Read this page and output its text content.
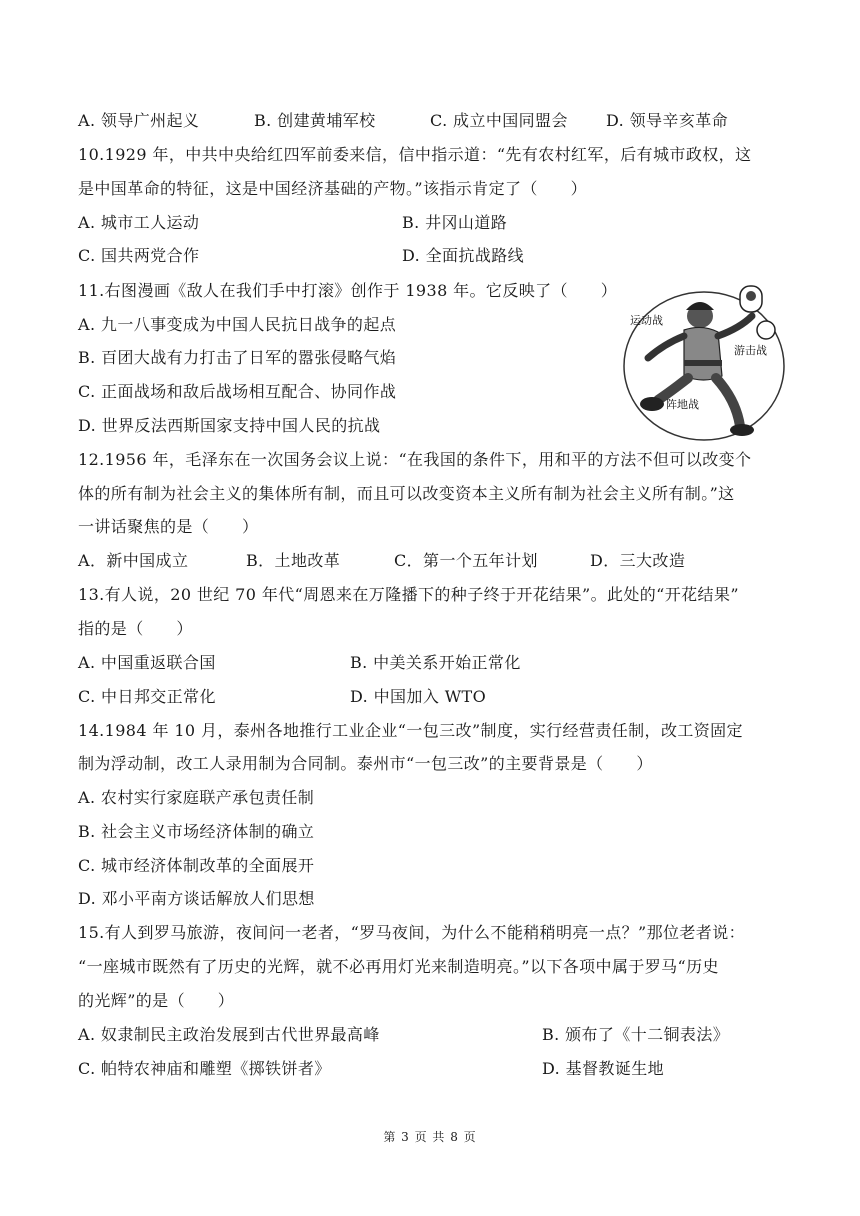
A. 领导广州起义	B. 创建黄埔军校	C. 成立中国同盟会 D. 领导辛亥革命
10.1929 年，中共中央给红四军前委来信，信中指示道：“先有农村红军，后有城市政权，这
是中国革命的特征，这是中国经济基础的产物。”该指示肯定了（　　）
A. 城市工人运动	B. 井冈山道路
C. 国共两党合作	D. 全面抗战路线
11.右图漫画《敌人在我们手中打滚》创作于 1938 年。它反映了（　　）
A. 九一八事变成为中国人民抗日战争的起点
B. 百团大战有力打击了日军的嚣张侵略气焰
C. 正面战场和敌后战场相互配合、协同作战
D. 世界反法西斯国家支持中国人民的抗战
运动战
游击战
阵地战
12.1956 年，毛泽东在一次国务会议上说：“在我国的条件下，用和平的方法不但可以改变个
体的所有制为社会主义的集体所有制，而且可以改变资本主义所有制为社会主义所有制。”这
一讲话聚焦的是（　　）
A．新中国成立	B．土地改革	C．第一个五年计划	D．三大改造
13.有人说，20 世纪 70 年代“周恩来在万隆播下的种子终于开花结果”。此处的“开花结果”
指的是（　　）
A. 中国重返联合国	B. 中美关系开始正常化
C. 中日邦交正常化	D. 中国加入 WTO
14.1984 年 10 月，泰州各地推行工业企业“一包三改”制度，实行经营责任制，改工资固定
制为浮动制，改工人录用制为合同制。泰州市“一包三改”的主要背景是（　　）
A. 农村实行家庭联产承包责任制
B. 社会主义市场经济体制的确立
C. 城市经济体制改革的全面展开
D. 邓小平南方谈话解放人们思想
15.有人到罗马旅游，夜间问一老者，“罗马夜间，为什么不能稍稍明亮一点？”那位老者说：
“一座城市既然有了历史的光辉，就不必再用灯光来制造明亮。”以下各项中属于罗马“历史
的光辉”的是（　　）
A. 奴隶制民主政治发展到古代世界最高峰	B. 颁布了《十二铜表法》
C. 帕特农神庙和雕塑《掷铁饼者》	D. 基督教诞生地
第 3 页 共 8 页
